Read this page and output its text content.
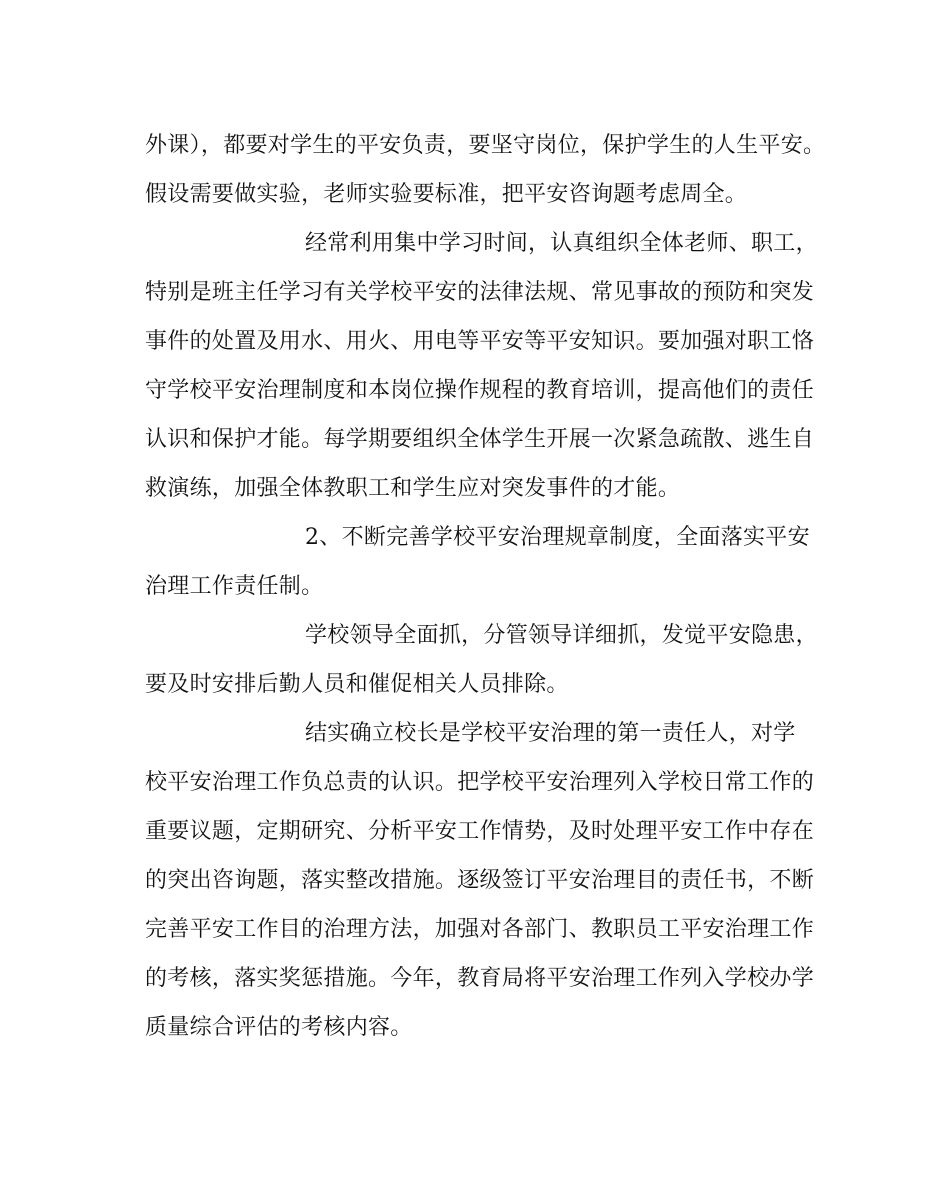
外课），都要对学生的平安负责，要坚守岗位，保护学生的人生平安。
假设需要做实验，老师实验要标准，把平安咨询题考虑周全。
经常利用集中学习时间，认真组织全体老师、职工，
特别是班主任学习有关学校平安的法律法规、常见事故的预防和突发
事件的处置及用水、用火、用电等平安等平安知识。要加强对职工恪
守学校平安治理制度和本岗位操作规程的教育培训，提高他们的责任
认识和保护才能。每学期要组织全体学生开展一次紧急疏散、逃生自
救演练，加强全体教职工和学生应对突发事件的才能。
2、不断完善学校平安治理规章制度，全面落实平安
治理工作责任制。
学校领导全面抓，分管领导详细抓，发觉平安隐患，
要及时安排后勤人员和催促相关人员排除。
结实确立校长是学校平安治理的第一责任人，对学
校平安治理工作负总责的认识。把学校平安治理列入学校日常工作的
重要议题，定期研究、分析平安工作情势，及时处理平安工作中存在
的突出咨询题，落实整改措施。逐级签订平安治理目的责任书，不断
完善平安工作目的治理方法，加强对各部门、教职员工平安治理工作
的考核，落实奖惩措施。今年，教育局将平安治理工作列入学校办学
质量综合评估的考核内容。
